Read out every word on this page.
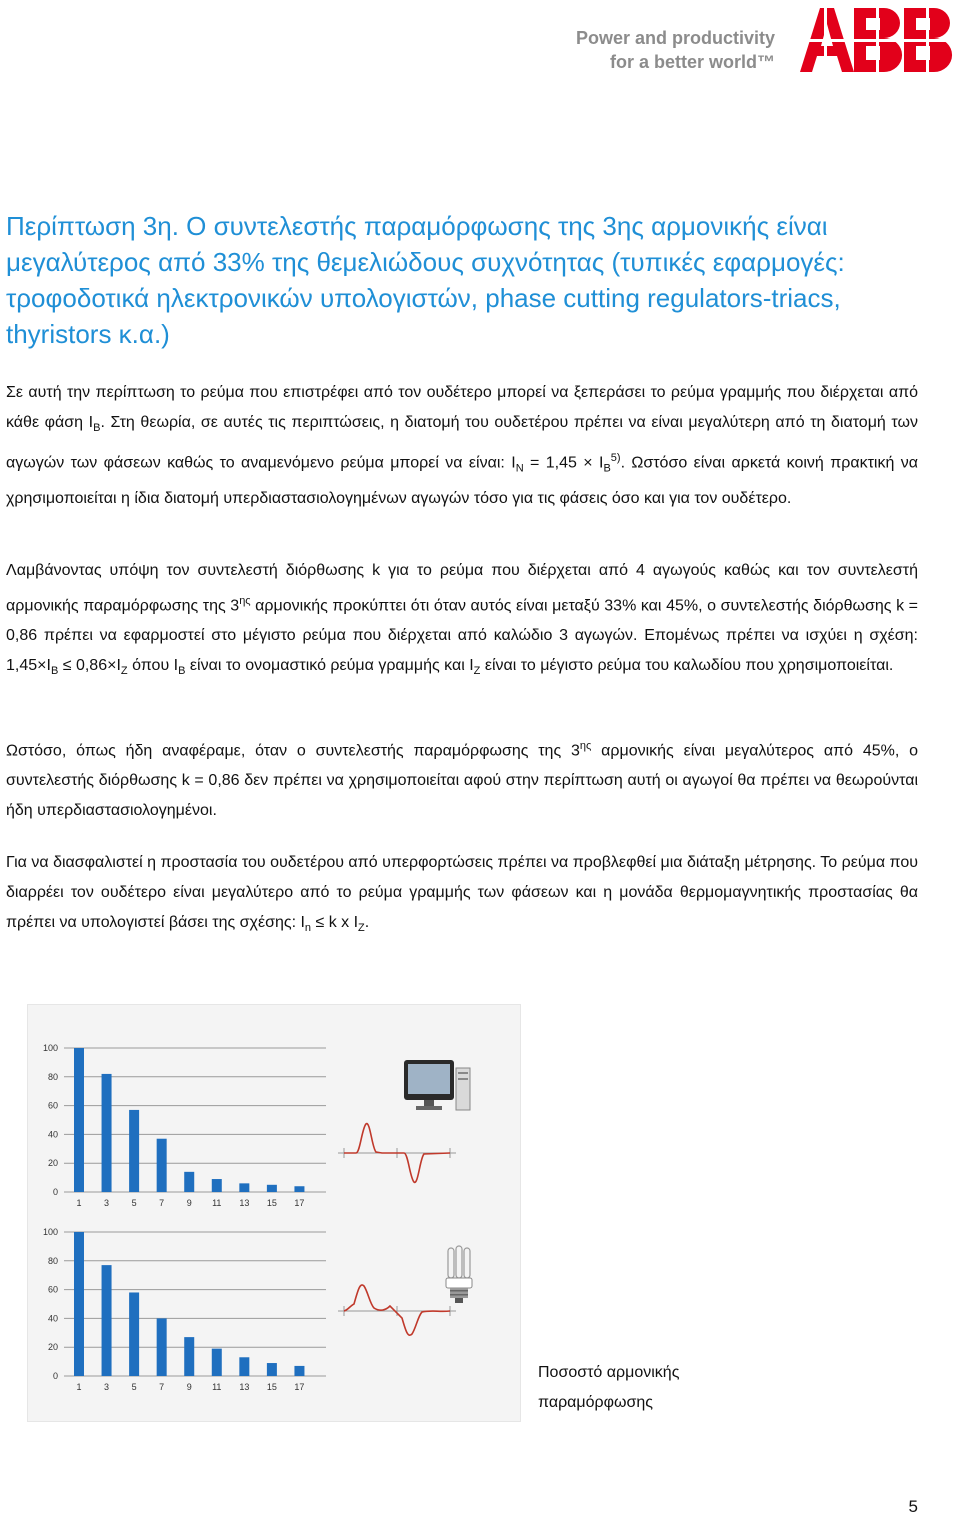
Power and productivity
for a better world™
Περίπτωση 3η. Ο συντελεστής παραμόρφωσης της 3ης αρμονικής είναι μεγαλύτερος από 33% της θεμελιώδους συχνότητας (τυπικές εφαρμογές: τροφοδοτικά ηλεκτρονικών υπολογιστών, phase cutting regulators-triacs, thyristors κ.α.)
Σε αυτή την περίπτωση το ρεύμα που επιστρέφει από τον ουδέτερο μπορεί να ξεπεράσει το ρεύμα γραμμής που διέρχεται από κάθε φάση $I_B$. Στη θεωρία, σε αυτές τις περιπτώσεις, η διατομή του ουδετέρου πρέπει να είναι μεγαλύτερη από τη διατομή των αγωγών των φάσεων καθώς το αναμενόμενο ρεύμα μπορεί να είναι: $I_N = 1,45 \times I_B^{5)}$. Ωστόσο είναι αρκετά κοινή πρακτική να χρησιμοποιείται η ίδια διατομή υπερδιαστασιολογημένων αγωγών τόσο για τις φάσεις όσο και για τον ουδέτερο.
Λαμβάνοντας υπόψη τον συντελεστή διόρθωσης k για το ρεύμα που διέρχεται από 4 αγωγούς καθώς και τον συντελεστή αρμονικής παραμόρφωσης της $3^{\eta\varsigma}$ αρμονικής προκύπτει ότι όταν αυτός είναι μεταξύ 33% και 45%, ο συντελεστής διόρθωσης k = 0,86 πρέπει να εφαρμοστεί στο μέγιστο ρεύμα που διέρχεται από καλώδιο 3 αγωγών. Επομένως πρέπει να ισχύει η σχέση: $1,45\times I_B \le 0,86\times I_Z$ όπου $I_B$ είναι το ονομαστικό ρεύμα γραμμής και $I_Z$ είναι το μέγιστο ρεύμα του καλωδίου που χρησιμοποιείται.
Ωστόσο, όπως ήδη αναφέραμε, όταν ο συντελεστής παραμόρφωσης της $3^{\eta\varsigma}$ αρμονικής είναι μεγαλύτερος από 45%, ο συντελεστής διόρθωσης k = 0,86 δεν πρέπει να χρησιμοποιείται αφού στην περίπτωση αυτή οι αγωγοί θα πρέπει να θεωρούνται ήδη υπερδιαστασιολογημένοι.
Για να διασφαλιστεί η προστασία του ουδετέρου από υπερφορτώσεις πρέπει να προβλεφθεί μια διάταξη μέτρησης. Το ρεύμα που διαρρέει τον ουδέτερο είναι μεγαλύτερο από το ρεύμα γραμμής των φάσεων και η μονάδα θερμομαγνητικής προστασίας θα πρέπει να υπολογιστεί βάσει της σχέσης: $I_n \le k$ x $I_Z$.
100
80
60
40
20
0
1	3	5	7	9 11 13 15 17
100
80
60
40
20
0
1	3	5	7	9 11 13 15 17
Ποσοστό αρμονικής
παραμόρφωσης
5
